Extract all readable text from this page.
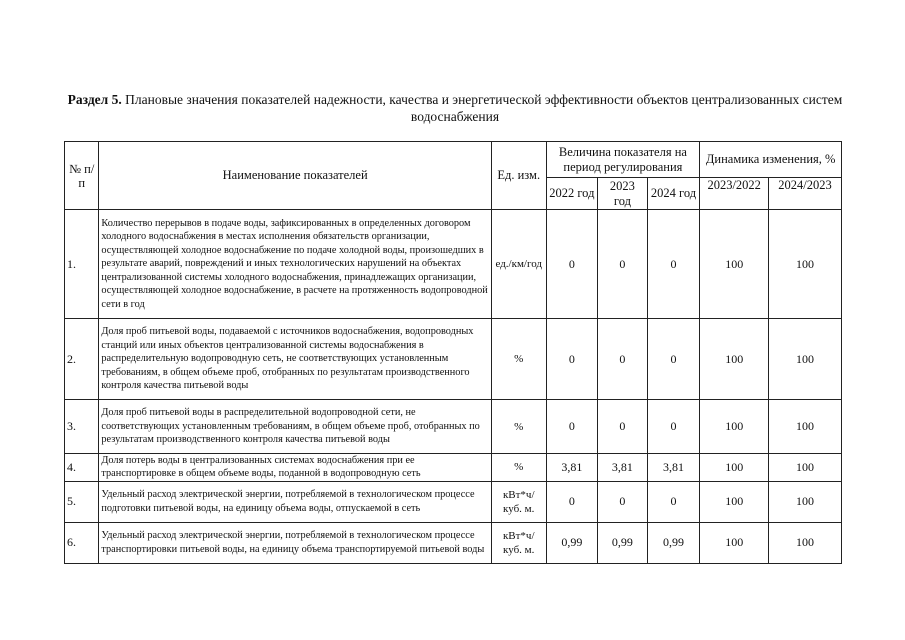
Раздел 5. Плановые значения показателей надежности, качества и энергетической эффективности объектов централизованных систем водоснабжения
№ п/п	Наименование показателей	Ед. изм.	Величина показателя на период регулирования			Динамика изменения, %	
			2022 год	2023 год	2024 год	2023/2022	2024/2023
1.	Количество перерывов в подаче воды, зафиксированных в определенных договором холодного водоснабжения в местах исполнения обязательств организации, осуществляющей холодное водоснабжение по подаче холодной воды, произошедших в результате аварий, повреждений и иных технологических нарушений на объектах централизованной системы холодного водоснабжения, принадлежащих организации, осуществляющей холодное водоснабжение, в расчете на протяженность водопроводной сети в год	ед./км/год	0	0	0	100	100
2.	Доля проб питьевой воды, подаваемой с источников водоснабжения, водопроводных станций или иных объектов централизованной системы водоснабжения в распределительную водопроводную сеть, не соответствующих установленным требованиям, в общем объеме проб, отобранных по результатам производственного контроля качества питьевой воды	%	0	0	0	100	100
3.	Доля проб питьевой воды в распределительной водопроводной сети, не соответствующих установленным требованиям, в общем объеме проб, отобранных по результатам производственного контроля качества питьевой воды	%	0	0	0	100	100
4.	Доля потерь воды в централизованных системах водоснабжения при ее транспортировке в общем объеме воды, поданной в водопроводную сеть	%	3,81	3,81	3,81	100	100
5.	Удельный расход электрической энергии, потребляемой в технологическом процессе подготовки питьевой воды, на единицу объема воды, отпускаемой в сеть	кВт*ч/ куб. м.	0	0	0	100	100
6.	Удельный расход электрической энергии, потребляемой в технологическом процессе транспортировки питьевой воды, на единицу объема транспортируемой питьевой воды	кВт*ч/ куб. м.	0,99	0,99	0,99	100	100
